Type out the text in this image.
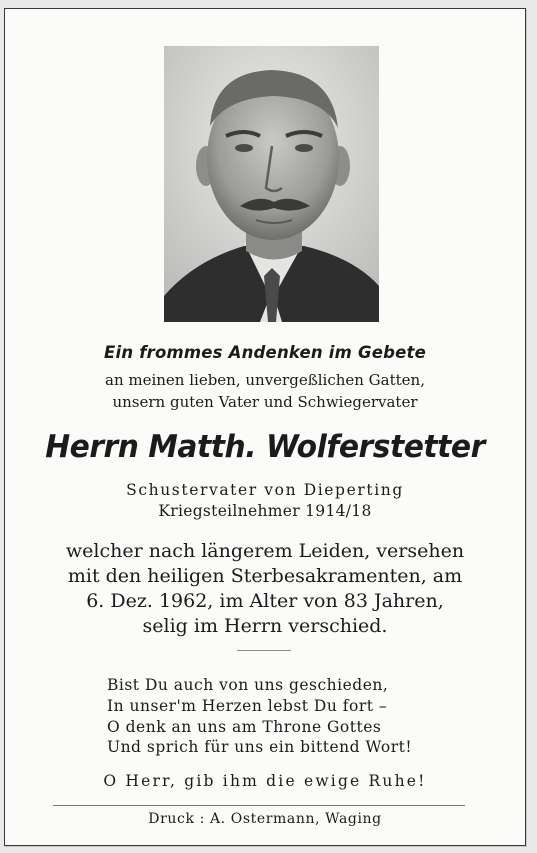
Ein frommes Andenken im Gebete
an meinen lieben, unvergeßlichen Gatten,
unsern guten Vater und Schwiegervater
Herrn Matth. Wolferstetter
Schustervater von Dieperting
Kriegsteilnehmer 1914/18
welcher nach längerem Leiden, versehen
mit den heiligen Sterbesakramenten, am
6. Dez. 1962, im Alter von 83 Jahren,
selig im Herrn verschied.
Bist Du auch von uns geschieden,
In unser'm Herzen lebst Du fort –
O denk an uns am Throne Gottes
Und sprich für uns ein bittend Wort!
O Herr, gib ihm die ewige Ruhe!
Druck : A. Ostermann, Waging
